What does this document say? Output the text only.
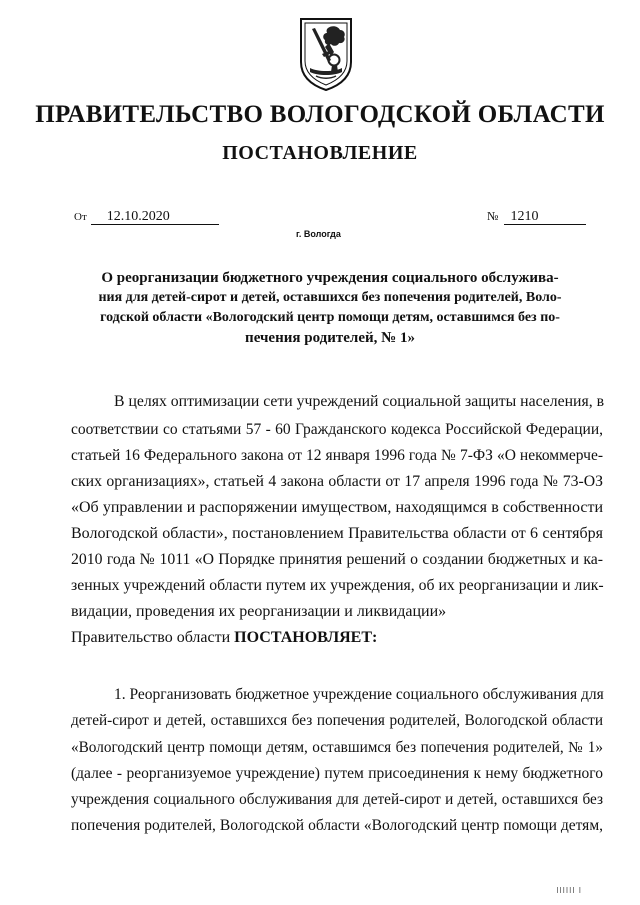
ПРАВИТЕЛЬСТВО ВОЛОГОДСКОЙ ОБЛАСТИ
ПОСТАНОВЛЕНИЕ
От 12.10.2020	№ 1210
г. Вологда
О реорганизации бюджетного учреждения социального обслужива-
ния для детей-сирот и детей, оставшихся без попечения родителей, Воло-
годской области «Вологодский центр помощи детям, оставшимся без по-
печения родителей, № 1»
В целях оптимизации сети учреждений социальной защиты населения, в
соответствии со статьями 57 - 60 Гражданского кодекса Российской Федерации,
статьей 16 Федерального закона от 12 января 1996 года № 7-ФЗ «О некоммерче-
ских организациях», статьей 4 закона области от 17 апреля 1996 года № 73-ОЗ
«Об управлении и распоряжении имуществом, находящимся в собственности
Вологодской области», постановлением Правительства области от 6 сентября
2010 года № 1011 «О Порядке принятия решений о создании бюджетных и ка-
зенных учреждений области путем их учреждения, об их реорганизации и лик-
видации, проведения их реорганизации и ликвидации»
Правительство области ПОСТАНОВЛЯЕТ:
1. Реорганизовать бюджетное учреждение социального обслуживания для
детей-сирот и детей, оставшихся без попечения родителей, Вологодской области
«Вологодский центр помощи детям, оставшимся без попечения родителей, № 1»
(далее - реорганизуемое учреждение) путем присоединения к нему бюджетного
учреждения социального обслуживания для детей-сирот и детей, оставшихся без
попечения родителей, Вологодской области «Вологодский центр помощи детям,
IIIIII I
